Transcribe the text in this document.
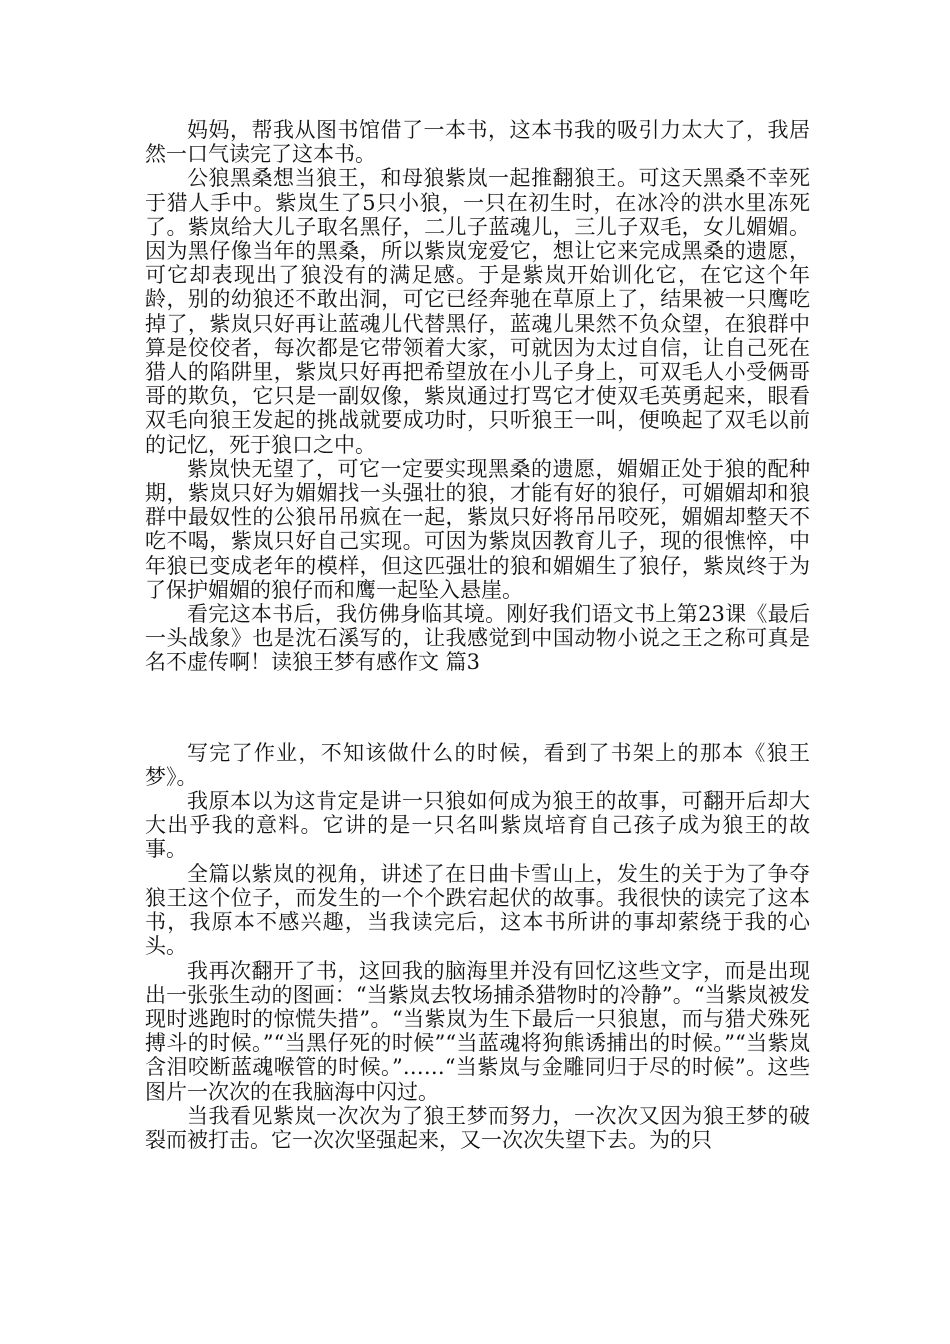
妈妈，帮我从图书馆借了一本书，这本书我的吸引力太大了，我居然一口气读完了这本书。

公狼黑桑想当狼王，和母狼紫岚一起推翻狼王。可这天黑桑不幸死于猎人手中。紫岚生了5只小狼，一只在初生时，在冰冷的洪水里冻死了。紫岚给大儿子取名黑仔，二儿子蓝魂儿，三儿子双毛，女儿媚媚。因为黑仔像当年的黑桑，所以紫岚宠爱它，想让它来完成黑桑的遗愿，可它却表现出了狼没有的满足感。于是紫岚开始训化它，在它这个年龄，别的幼狼还不敢出洞，可它已经奔驰在草原上了，结果被一只鹰吃掉了，紫岚只好再让蓝魂儿代替黑仔，蓝魂儿果然不负众望，在狼群中算是佼佼者，每次都是它带领着大家，可就因为太过自信，让自己死在猎人的陷阱里，紫岚只好再把希望放在小儿子身上，可双毛人小受俩哥哥的欺负，它只是一副奴像，紫岚通过打骂它才使双毛英勇起来，眼看双毛向狼王发起的挑战就要成功时，只听狼王一叫，便唤起了双毛以前的记忆，死于狼口之中。

紫岚快无望了，可它一定要实现黑桑的遗愿，媚媚正处于狼的配种期，紫岚只好为媚媚找一头强壮的狼，才能有好的狼仔，可媚媚却和狼群中最奴性的公狼吊吊疯在一起，紫岚只好将吊吊咬死，媚媚却整天不吃不喝，紫岚只好自己实现。可因为紫岚因教育儿子，现的很憔悴，中年狼已变成老年的模样，但这匹强壮的狼和媚媚生了狼仔，紫岚终于为了保护媚媚的狼仔而和鹰一起坠入悬崖。

看完这本书后，我仿佛身临其境。刚好我们语文书上第23课《最后一头战象》也是沈石溪写的，让我感觉到中国动物小说之王之称可真是名不虚传啊！读狼王梦有感作文 篇3

写完了作业，不知该做什么的时候，看到了书架上的那本《狼王梦》。

我原本以为这肯定是讲一只狼如何成为狼王的故事，可翻开后却大大出乎我的意料。它讲的是一只名叫紫岚培育自己孩子成为狼王的故事。

全篇以紫岚的视角，讲述了在日曲卡雪山上，发生的关于为了争夺狼王这个位子，而发生的一个个跌宕起伏的故事。我很快的读完了这本书，我原本不感兴趣，当我读完后，这本书所讲的事却萦绕于我的心头。

我再次翻开了书，这回我的脑海里并没有回忆这些文字，而是出现出一张张生动的图画：“当紫岚去牧场捕杀猎物时的冷静”。“当紫岚被发现时逃跑时的惊慌失措”。“当紫岚为生下最后一只狼崽，而与猎犬殊死搏斗的时候。”“当黑仔死的时候”“当蓝魂将狗熊诱捕出的时候。”“当紫岚含泪咬断蓝魂喉管的时候。”……“当紫岚与金雕同归于尽的时候”。这些图片一次次的在我脑海中闪过。

当我看见紫岚一次次为了狼王梦而努力，一次次又因为狼王梦的破裂而被打击。它一次次坚强起来，又一次次失望下去。为的只
